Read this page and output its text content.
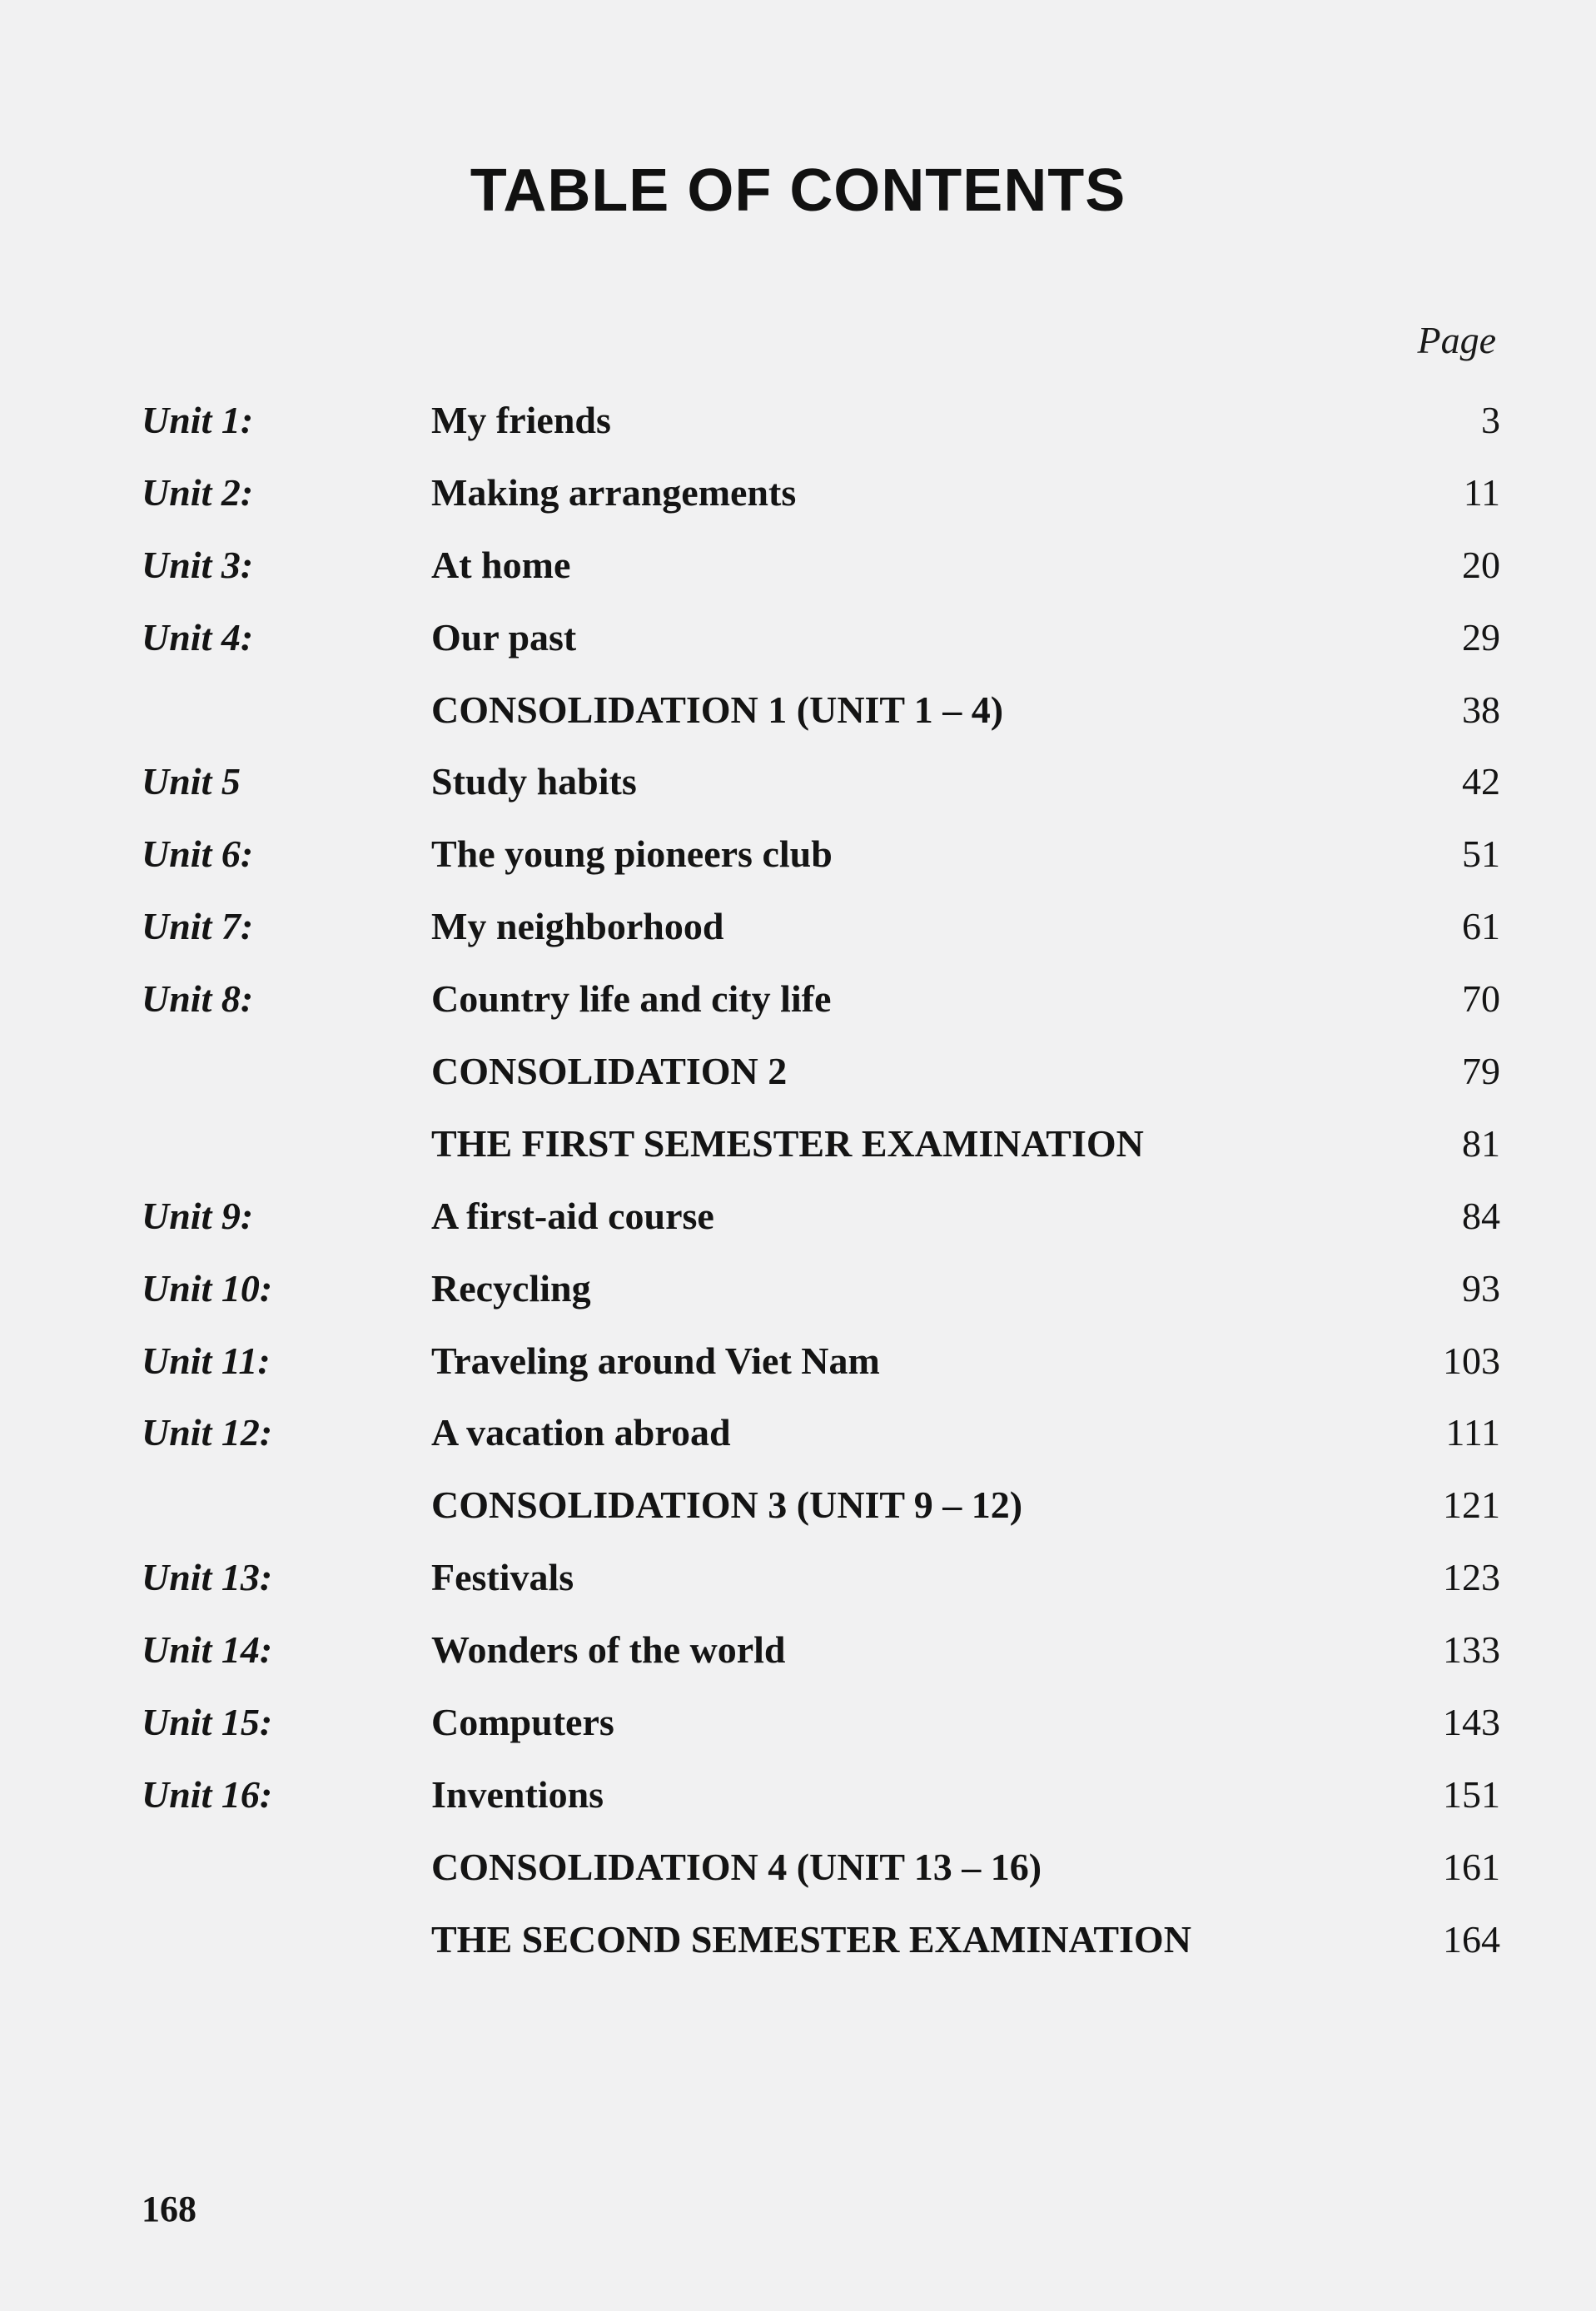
TABLE OF CONTENTS
Page
Unit 1:	My friends	3
Unit 2:	Making arrangements	11
Unit 3:	At home	20
Unit 4:	Our past	29
CONSOLIDATION 1 (UNIT 1 – 4)	38
Unit 5	Study habits	42
Unit 6:	The young pioneers club	51
Unit 7:	My neighborhood	61
Unit 8:	Country life and city life	70
CONSOLIDATION 2	79
THE FIRST SEMESTER EXAMINATION	81
Unit 9:	A first-aid course	84
Unit 10:	Recycling	93
Unit 11:	Traveling around Viet Nam	103
Unit 12:	A vacation abroad	111
CONSOLIDATION 3 (UNIT 9 – 12)	121
Unit 13:	Festivals	123
Unit 14:	Wonders of the world	133
Unit 15:	Computers	143
Unit 16:	Inventions	151
CONSOLIDATION 4 (UNIT 13 – 16)	161
THE SECOND SEMESTER EXAMINATION	164
168
